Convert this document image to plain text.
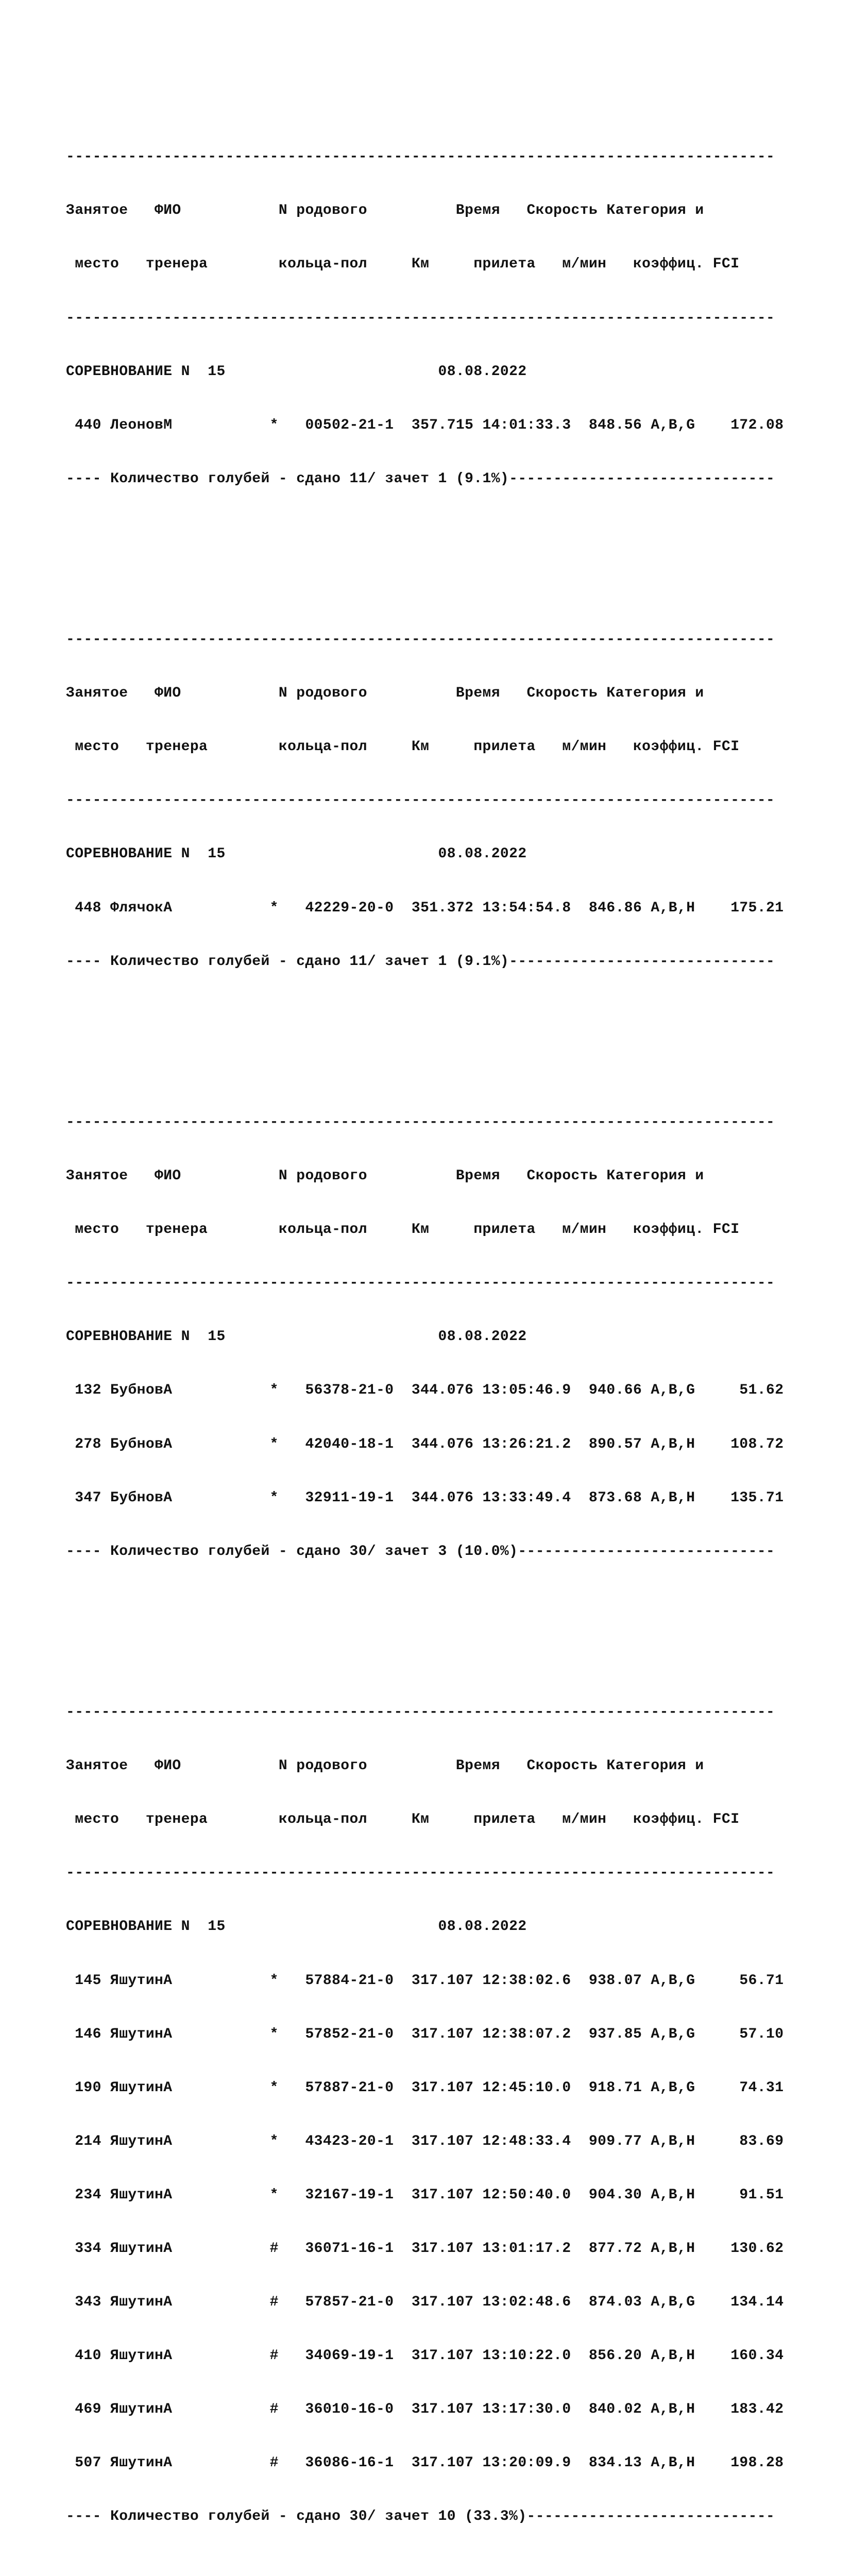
--------------------------------------------------------------------------------

Занятое   ФИО           N родового          Время   Скорость Категория и

место   тренера        кольца-пол     Км     прилета   м/мин   коэффиц. FCI

--------------------------------------------------------------------------------

СОРЕВНОВАНИЕ N  15                        08.08.2022

440 ЛеоновМ           *   00502-21-1  357.715 14:01:33.3  848.56 A,B,G    172.08

---- Количество голубей - сдано 11/ зачет 1 (9.1%)------------------------------

--------------------------------------------------------------------------------

Занятое   ФИО           N родового          Время   Скорость Категория и

место   тренера        кольца-пол     Км     прилета   м/мин   коэффиц. FCI

--------------------------------------------------------------------------------

СОРЕВНОВАНИЕ N  15                        08.08.2022

448 ФлячокА           *   42229-20-0  351.372 13:54:54.8  846.86 A,B,H    175.21

---- Количество голубей - сдано 11/ зачет 1 (9.1%)------------------------------

--------------------------------------------------------------------------------

Занятое   ФИО           N родового          Время   Скорость Категория и

место   тренера        кольца-пол     Км     прилета   м/мин   коэффиц. FCI

--------------------------------------------------------------------------------

СОРЕВНОВАНИЕ N  15                        08.08.2022

132 БубновА           *   56378-21-0  344.076 13:05:46.9  940.66 A,B,G     51.62

278 БубновА           *   42040-18-1  344.076 13:26:21.2  890.57 A,B,H    108.72

347 БубновА           *   32911-19-1  344.076 13:33:49.4  873.68 A,B,H    135.71

---- Количество голубей - сдано 30/ зачет 3 (10.0%)-----------------------------

--------------------------------------------------------------------------------

Занятое   ФИО           N родового          Время   Скорость Категория и

место   тренера        кольца-пол     Км     прилета   м/мин   коэффиц. FCI

--------------------------------------------------------------------------------

СОРЕВНОВАНИЕ N  15                        08.08.2022

145 ЯшутинА           *   57884-21-0  317.107 12:38:02.6  938.07 A,B,G     56.71

146 ЯшутинА           *   57852-21-0  317.107 12:38:07.2  937.85 A,B,G     57.10

190 ЯшутинА           *   57887-21-0  317.107 12:45:10.0  918.71 A,B,G     74.31

214 ЯшутинА           *   43423-20-1  317.107 12:48:33.4  909.77 A,B,H     83.69

234 ЯшутинА           *   32167-19-1  317.107 12:50:40.0  904.30 A,B,H     91.51

334 ЯшутинА           #   36071-16-1  317.107 13:01:17.2  877.72 A,B,H    130.62

343 ЯшутинА           #   57857-21-0  317.107 13:02:48.6  874.03 A,B,G    134.14

410 ЯшутинА           #   34069-19-1  317.107 13:10:22.0  856.20 A,B,H    160.34

469 ЯшутинА           #   36010-16-0  317.107 13:17:30.0  840.02 A,B,H    183.42

507 ЯшутинА           #   36086-16-1  317.107 13:20:09.9  834.13 A,B,H    198.28

---- Количество голубей - сдано 30/ зачет 10 (33.3%)----------------------------
